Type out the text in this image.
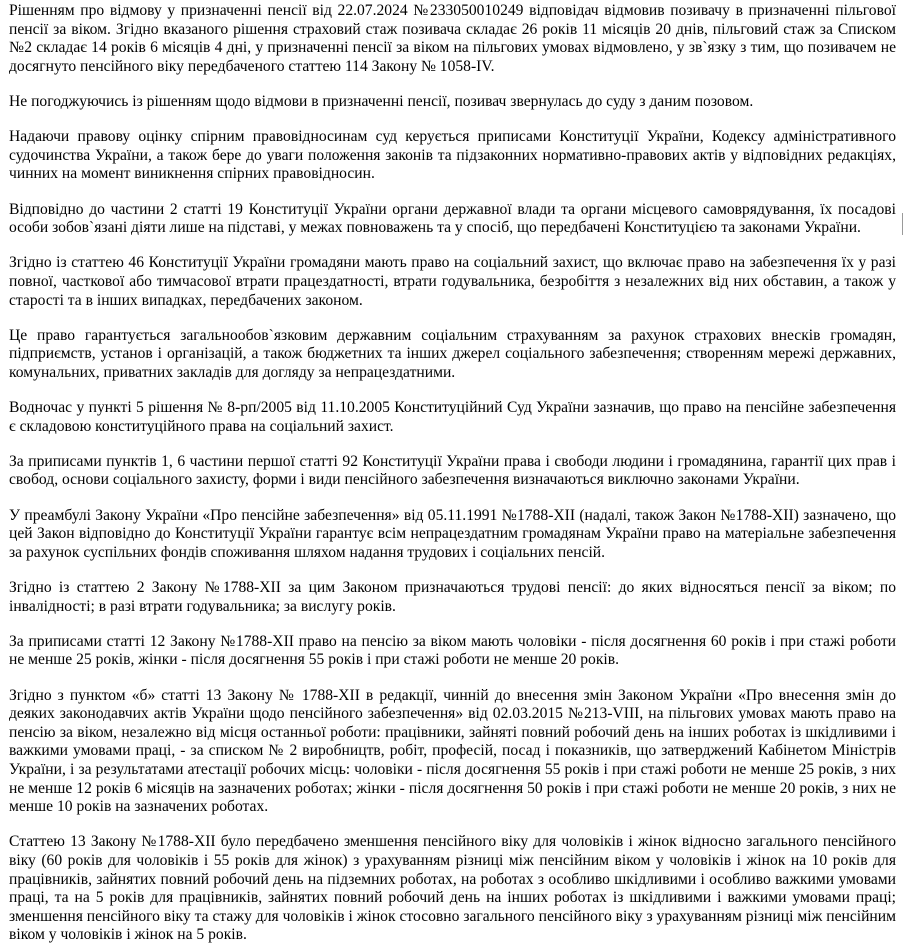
Рішенням про відмову у призначенні пенсії від 22.07.2024 №233050010249 відповідач відмовив позивачу в призначенні пільгової пенсії за віком. Згідно вказаного рішення страховий стаж позивача складає 26 років 11 місяців 20 днів, пільговий стаж за Списком №2 складає 14 років 6 місяців 4 дні, у призначенні пенсії за віком на пільгових умовах відмовлено, у зв`язку з тим, що позивачем не досягнуто пенсійного віку передбаченого статтею 114 Закону № 1058-IV.

Не погоджуючись із рішенням щодо відмови в призначенні пенсії, позивач звернулась до суду з даним позовом.

Надаючи правову оцінку спірним правовідносинам суд керується приписами Конституції України, Кодексу адміністративного судочинства України, а також бере до уваги положення законів та підзаконних нормативно-правових актів у відповідних редакціях, чинних на момент виникнення спірних правовідносин.

Відповідно до частини 2 статті 19 Конституції України органи державної влади та органи місцевого самоврядування, їх посадові особи зобов`язані діяти лише на підставі, у межах повноважень та у спосіб, що передбачені Конституцією та законами України.

Згідно із статтею 46 Конституції України громадяни мають право на соціальний захист, що включає право на забезпечення їх у разі повної, часткової або тимчасової втрати працездатності, втрати годувальника, безробіття з незалежних від них обставин, а також у старості та в інших випадках, передбачених законом.

Це право гарантується загальнообов`язковим державним соціальним страхуванням за рахунок страхових внесків громадян, підприємств, установ і організацій, а також бюджетних та інших джерел соціального забезпечення; створенням мережі державних, комунальних, приватних закладів для догляду за непрацездатними.

Водночас у пункті 5 рішення № 8-рп/2005 від 11.10.2005 Конституційний Суд України зазначив, що право на пенсійне забезпечення є складовою конституційного права на соціальний захист.

За приписами пунктів 1, 6 частини першої статті 92 Конституції України права і свободи людини і громадянина, гарантії цих прав і свобод, основи соціального захисту, форми і види пенсійного забезпечення визначаються виключно законами України.

У преамбулі Закону України «Про пенсійне забезпечення» від 05.11.1991 №1788-XII (надалі, також Закон №1788-XII) зазначено, що цей Закон відповідно до Конституції України гарантує всім непрацездатним громадянам України право на матеріальне забезпечення за рахунок суспільних фондів споживання шляхом надання трудових і соціальних пенсій.

Згідно із статтею 2 Закону №1788-XII за цим Законом призначаються трудові пенсії: до яких відносяться пенсії за віком; по інвалідності; в разі втрати годувальника; за вислугу років.

За приписами статті 12 Закону №1788-XII право на пенсію за віком мають чоловіки - після досягнення 60 років і при стажі роботи не менше 25 років, жінки - після досягнення 55 років і при стажі роботи не менше 20 років.

Згідно з пунктом «б» статті 13 Закону № 1788-XII в редакції, чинній до внесення змін Законом України «Про внесення змін до деяких законодавчих актів України щодо пенсійного забезпечення» від 02.03.2015 №213-VIII, на пільгових умовах мають право на пенсію за віком, незалежно від місця останньої роботи: працівники, зайняті повний робочий день на інших роботах із шкідливими і важкими умовами праці, - за списком № 2 виробництв, робіт, професій, посад і показників, що затверджений Кабінетом Міністрів України, і за результатами атестації робочих місць: чоловіки - після досягнення 55 років і при стажі роботи не менше 25 років, з них не менше 12 років 6 місяців на зазначених роботах; жінки - після досягнення 50 років і при стажі роботи не менше 20 років, з них не менше 10 років на зазначених роботах.

Статтею 13 Закону №1788-XII було передбачено зменшення пенсійного віку для чоловіків і жінок відносно загального пенсійного віку (60 років для чоловіків і 55 років для жінок) з урахуванням різниці між пенсійним віком у чоловіків і жінок на 10 років для працівників, зайнятих повний робочий день на підземних роботах, на роботах з особливо шкідливими і особливо важкими умовами праці, та на 5 років для працівників, зайнятих повний робочий день на інших роботах із шкідливими і важкими умовами праці; зменшення пенсійного віку та стажу для чоловіків і жінок стосовно загального пенсійного віку з урахуванням різниці між пенсійним віком у чоловіків і жінок на 5 років.
